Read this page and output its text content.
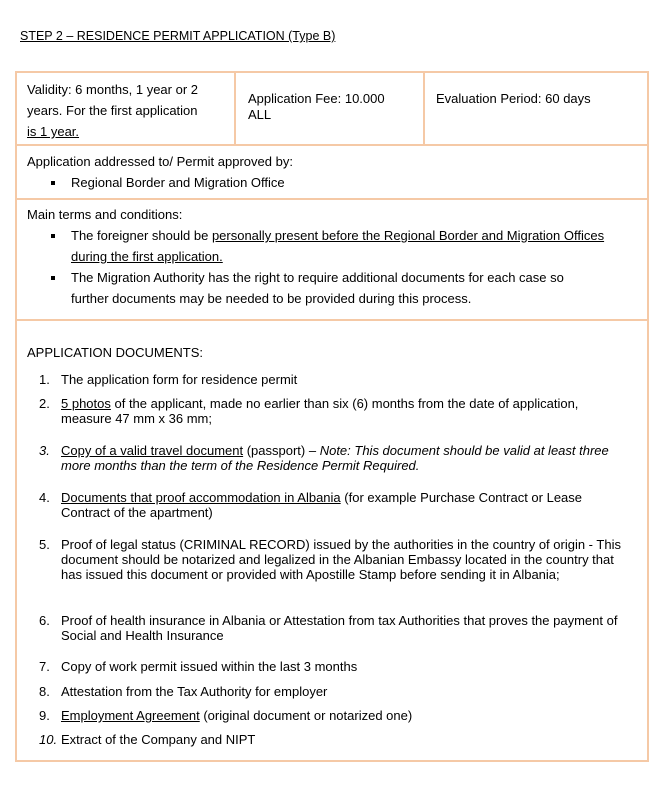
STEP 2 – RESIDENCE PERMIT APPLICATION (Type B)
Validity: 6 months, 1 year or 2
years. For the first application
is 1 year.
Application Fee: 10.000
ALL
Evaluation Period: 60 days
Application addressed to/ Permit approved by:
Regional Border and Migration Office
Main terms and conditions:
The foreigner should be personally present before the Regional Border and Migration Offices
during the first application.
The Migration Authority has the right to require additional documents for each case so
further documents may be needed to be provided during this process.
APPLICATION DOCUMENTS:
1. The application form for residence permit
2. 5 photos of the applicant, made no earlier than six (6) months from the date of application, measure 47 mm x 36 mm;
3. Copy of a valid travel document (passport) – Note: This document should be valid at least three more months than the term of the Residence Permit Required.
4. Documents that proof accommodation in Albania (for example Purchase Contract or Lease Contract of the apartment)
5. Proof of legal status (CRIMINAL RECORD) issued by the authorities in the country of origin - This document should be notarized and legalized in the Albanian Embassy located in the country that has issued this document or provided with Apostille Stamp before sending it in Albania;
6. Proof of health insurance in Albania or Attestation from tax Authorities that proves the payment of Social and Health Insurance
7. Copy of work permit issued within the last 3 months
8. Attestation from the Tax Authority for employer
9. Employment Agreement (original document or notarized one)
10. Extract of the Company and NIPT
